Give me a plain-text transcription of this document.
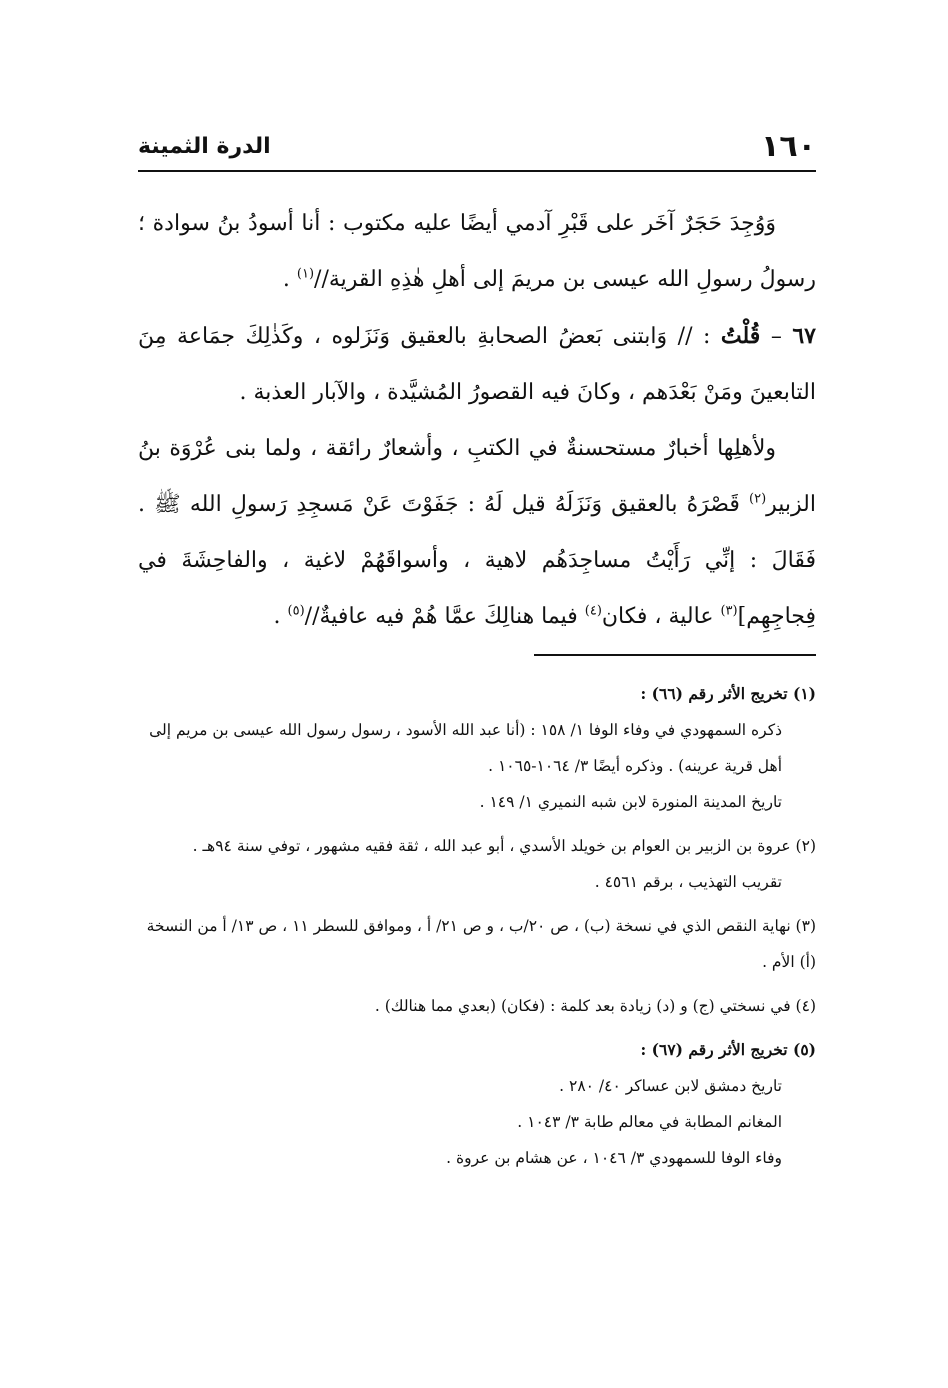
١٦٠
الدرة الثمينة

وَوُجِدَ حَجَرٌ آخَر على قَبْرِ آدمي أيضًا عليه مكتوب : أنا أسودُ بنُ سوادة ؛ رسولُ رسولِ الله عيسى بن مريمَ إلى أهلِ هٰذِهِ القرية//$^{(١)}$ .

٦٧ – قُلْتُ : // وَابتنى بَعضُ الصحابةِ بالعقيق وَنَزَلوه ، وكَذٰلِكَ جمَاعة مِنَ التابعينَ ومَنْ بَعْدَهم ، وكانَ فيه القصورُ المُشيَّدة ، والآبار العذبة .

ولأهلِها أخبارٌ مستحسنةٌ في الكتبِ ، وأشعارٌ رائقة ، ولما بنى عُرْوَة بنُ الزبير$^{(٢)}$ قَصْرَهُ بالعقيق وَنَزَلَهُ قيل لَهُ : جَفَوْتَ عَنْ مَسجِدِ رَسولِ الله ﷺ . فَقَالَ : إنِّي رَأَيْتُ مساجِدَهُم لاهية ، وأسواقَهُمْ لاغية ، والفاحِشَةَ في فِجاجِهِم]$^{(٣)}$ عالية ، فكان$^{(٤)}$ فيما هنالِكَ عمَّا هُمْ فيه عافيةٌ//$^{(٥)}$ .

(١) تخريج الأثر رقم (٦٦) :
ذكره السمهودي في وفاء الوفا ١/ ١٥٨ : (أنا عبد الله الأسود ، رسول رسول الله عيسى بن مريم إلى أهل قرية عرينه) . وذكره أيضًا ٣/ ١٠٦٤-١٠٦٥ .
تاريخ المدينة المنورة لابن شبه النميري ١/ ١٤٩ .
(٢) عروة بن الزبير بن العوام بن خويلد الأسدي ، أبو عبد الله ، ثقة فقيه مشهور ، توفي سنة ٩٤هـ .
تقريب التهذيب ، برقم ٤٥٦١ .
(٣) نهاية النقص الذي في نسخة (ب) ، ص ٢٠/ب ، و ص ٢١/ أ ، وموافق للسطر ١١ ، ص ١٣/ أ من النسخة (أ) الأم .
(٤) في نسختي (ج) و (د) زيادة بعد كلمة : (فكان) (بعدي مما هنالك) .
(٥) تخريج الأثر رقم (٦٧) :
تاريخ دمشق لابن عساكر ٤٠/ ٢٨٠ .
المغانم المطابة في معالم طابة ٣/ ١٠٤٣ .
وفاء الوفا للسمهودي ٣/ ١٠٤٦ ، عن هشام بن عروة .
